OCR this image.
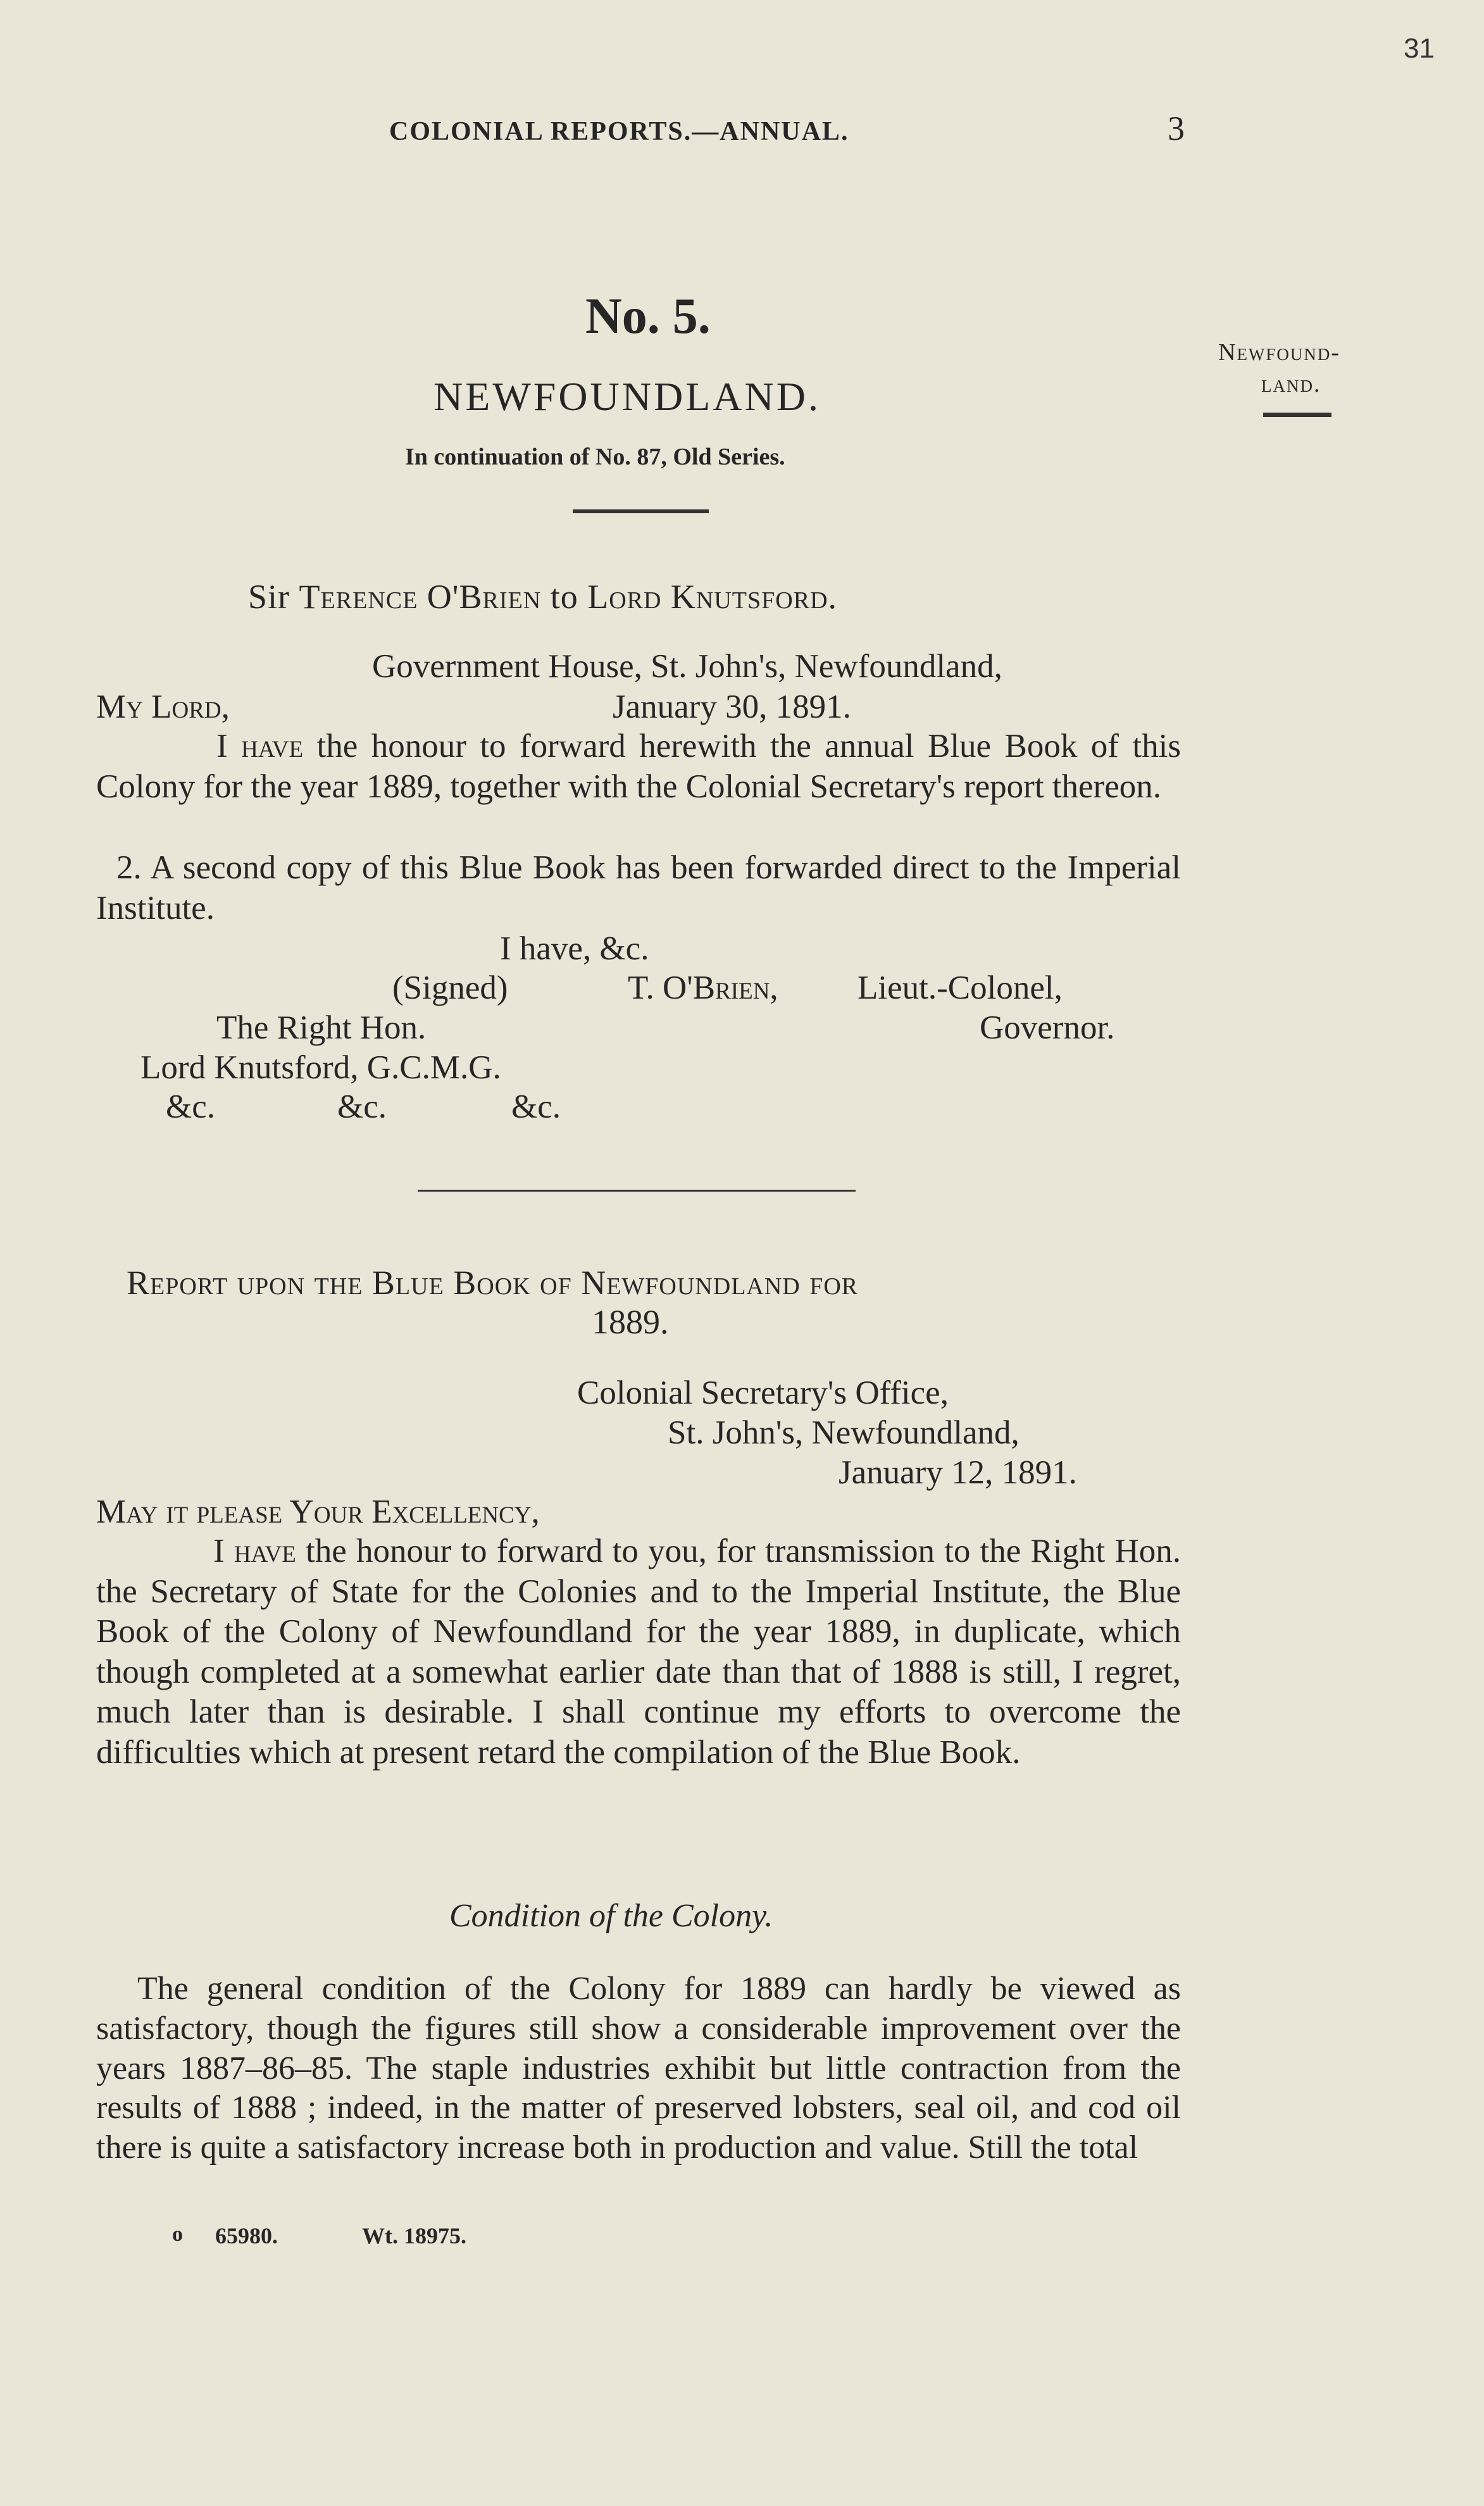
31
COLONIAL REPORTS.—ANNUAL.	3
No. 5.
NEWFOUNDLAND.
In continuation of No. 87, Old Series.
Newfound-
land.
Sir Terence O'Brien to Lord Knutsford.
Government House, St. John's, Newfoundland,
My Lord,	January 30, 1891.
I have the honour to forward herewith the annual Blue Book of this Colony for the year 1889, together with the Colonial Secretary's report thereon.
2. A second copy of this Blue Book has been forwarded direct to the Imperial Institute.
I have, &c.
(Signed)	T. O'Brien, Lieut.-Colonel,
The Right Hon.	Governor.
Lord Knutsford, G.C.M.G.
&c.	&c.	&c.
Report upon the Blue Book of Newfoundland for
1889.
Colonial Secretary's Office,
St. John's, Newfoundland,
January 12, 1891.
May it please Your Excellency,
I have the honour to forward to you, for transmission to the Right Hon. the Secretary of State for the Colonies and to the Imperial Institute, the Blue Book of the Colony of Newfoundland for the year 1889, in duplicate, which though completed at a somewhat earlier date than that of 1888 is still, I regret, much later than is desirable. I shall continue my efforts to overcome the difficulties which at present retard the compilation of the Blue Book.
Condition of the Colony.
The general condition of the Colony for 1889 can hardly be viewed as satisfactory, though the figures still show a considerable improvement over the years 1887–86–85. The staple industries exhibit but little contraction from the results of 1888 ; indeed, in the matter of preserved lobsters, seal oil, and cod oil there is quite a satisfactory increase both in production and value. Still the total
o 65980.	Wt. 18975.
